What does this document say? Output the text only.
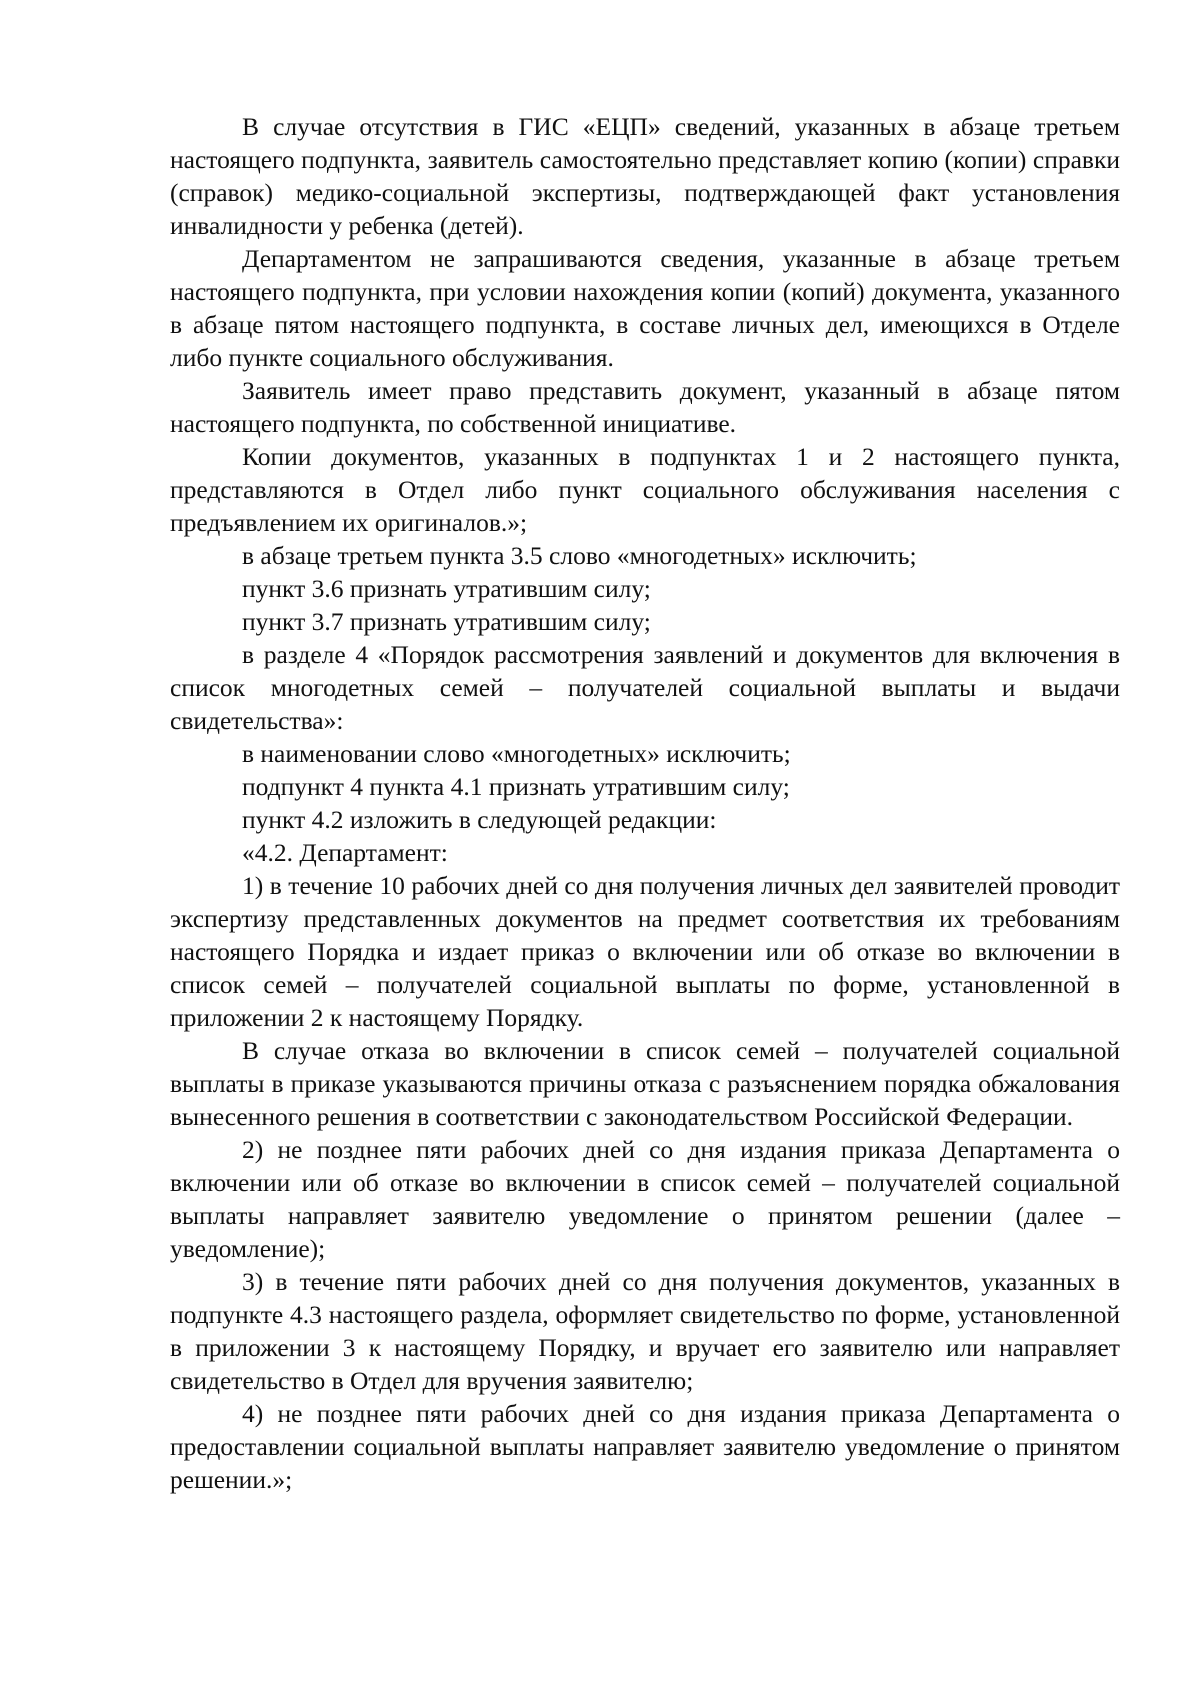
В случае отсутствия в ГИС «ЕЦП» сведений, указанных в абзаце третьем настоящего подпункта, заявитель самостоятельно представляет копию (копии) справки (справок) медико-социальной экспертизы, подтверждающей факт установления инвалидности у ребенка (детей).

Департаментом не запрашиваются сведения, указанные в абзаце третьем настоящего подпункта, при условии нахождения копии (копий) документа, указанного в абзаце пятом настоящего подпункта, в составе личных дел, имеющихся в Отделе либо пункте социального обслуживания.

Заявитель имеет право представить документ, указанный в абзаце пятом настоящего подпункта, по собственной инициативе.

Копии документов, указанных в подпунктах 1 и 2 настоящего пункта, представляются в Отдел либо пункт социального обслуживания населения с предъявлением их оригиналов.»;

в абзаце третьем пункта 3.5 слово «многодетных» исключить;

пункт 3.6 признать утратившим силу;

пункт 3.7 признать утратившим силу;

в разделе 4 «Порядок рассмотрения заявлений и документов для включения в список многодетных семей – получателей социальной выплаты и выдачи свидетельства»:

в наименовании слово «многодетных» исключить;

подпункт 4 пункта 4.1 признать утратившим силу;

пункт 4.2 изложить в следующей редакции:

«4.2. Департамент:

1) в течение 10 рабочих дней со дня получения личных дел заявителей проводит экспертизу представленных документов на предмет соответствия их требованиям настоящего Порядка и издает приказ о включении или об отказе во включении в список семей – получателей социальной выплаты по форме, установленной в приложении 2 к настоящему Порядку.

В случае отказа во включении в список семей – получателей социальной выплаты в приказе указываются причины отказа с разъяснением порядка обжалования вынесенного решения в соответствии с законодательством Российской Федерации.

2) не позднее пяти рабочих дней со дня издания приказа Департамента о включении или об отказе во включении в список семей – получателей социальной выплаты направляет заявителю уведомление о принятом решении (далее – уведомление);

3) в течение пяти рабочих дней со дня получения документов, указанных в подпункте 4.3 настоящего раздела, оформляет свидетельство по форме, установленной в приложении 3 к настоящему Порядку, и вручает его заявителю или направляет свидетельство в Отдел для вручения заявителю;

4) не позднее пяти рабочих дней со дня издания приказа Департамента о предоставлении социальной выплаты направляет заявителю уведомление о принятом решении.»;
